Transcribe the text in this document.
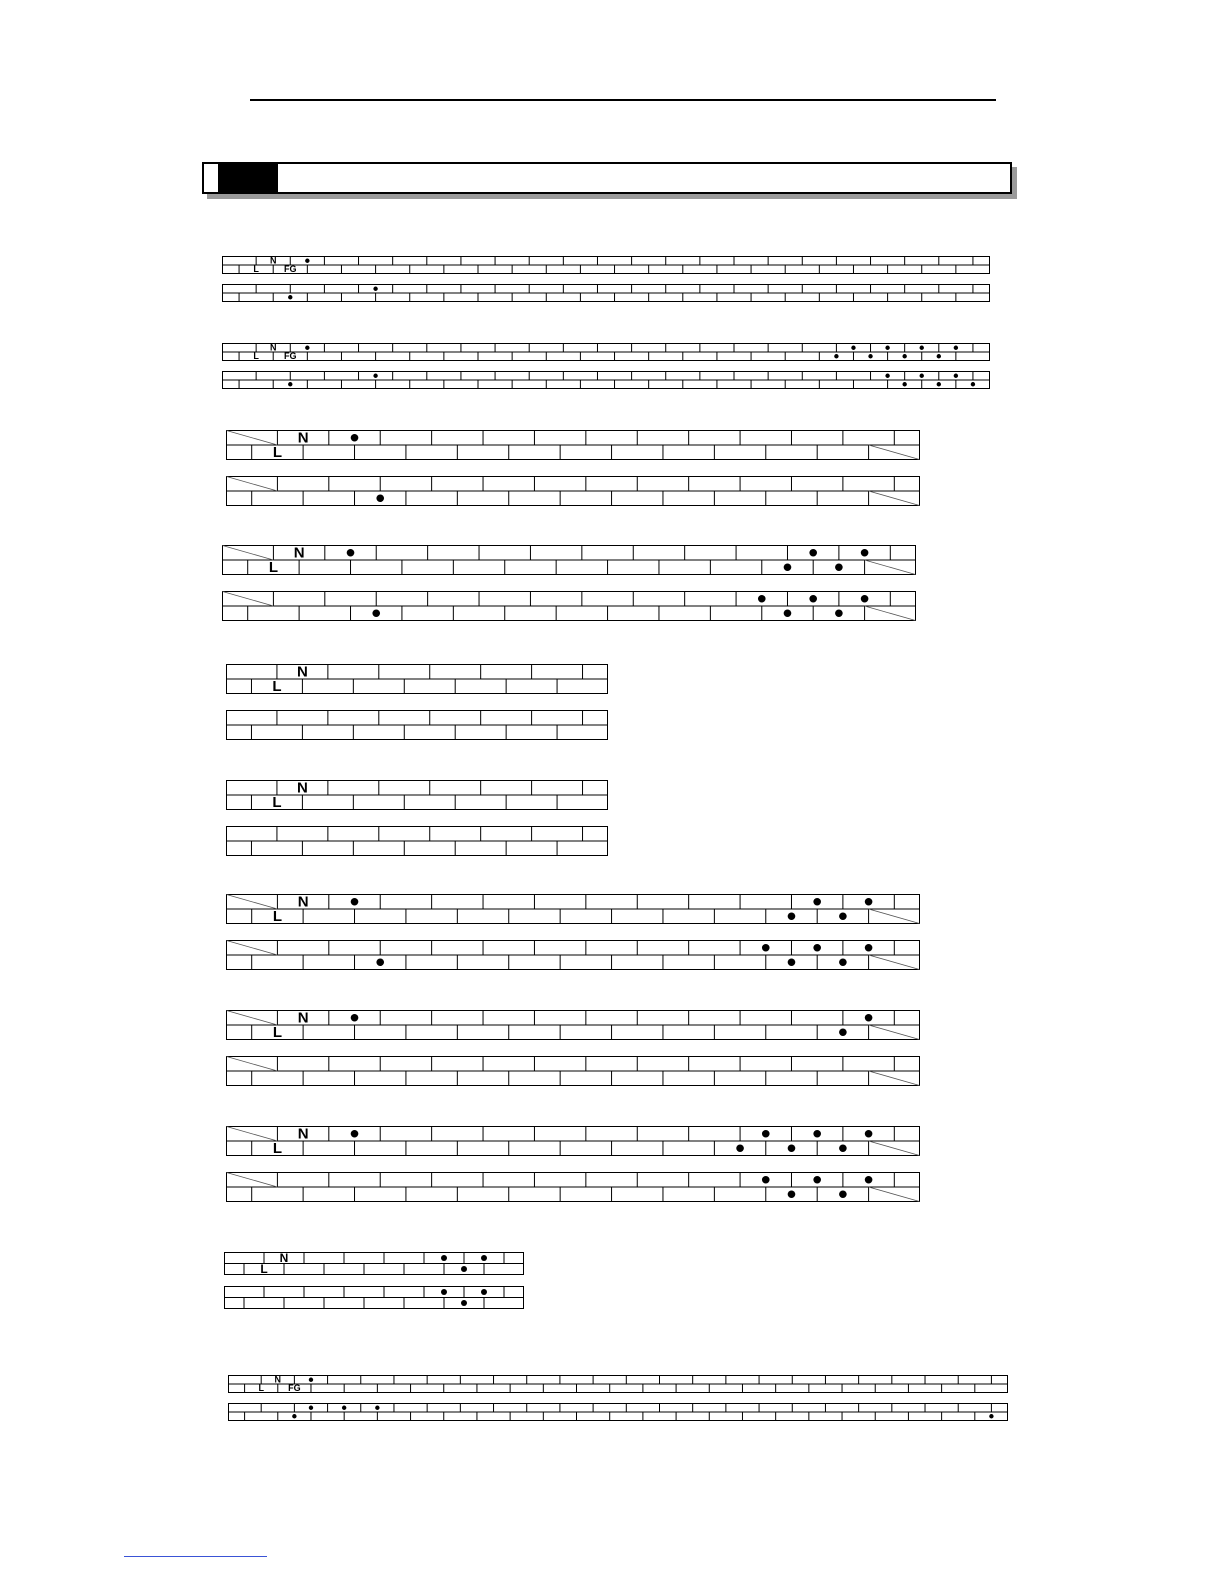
N
L	FG
N
L	FG
N
L
N
L
N
L
N
L
N
L
N
L
N
L
N
L
N
L	FG
